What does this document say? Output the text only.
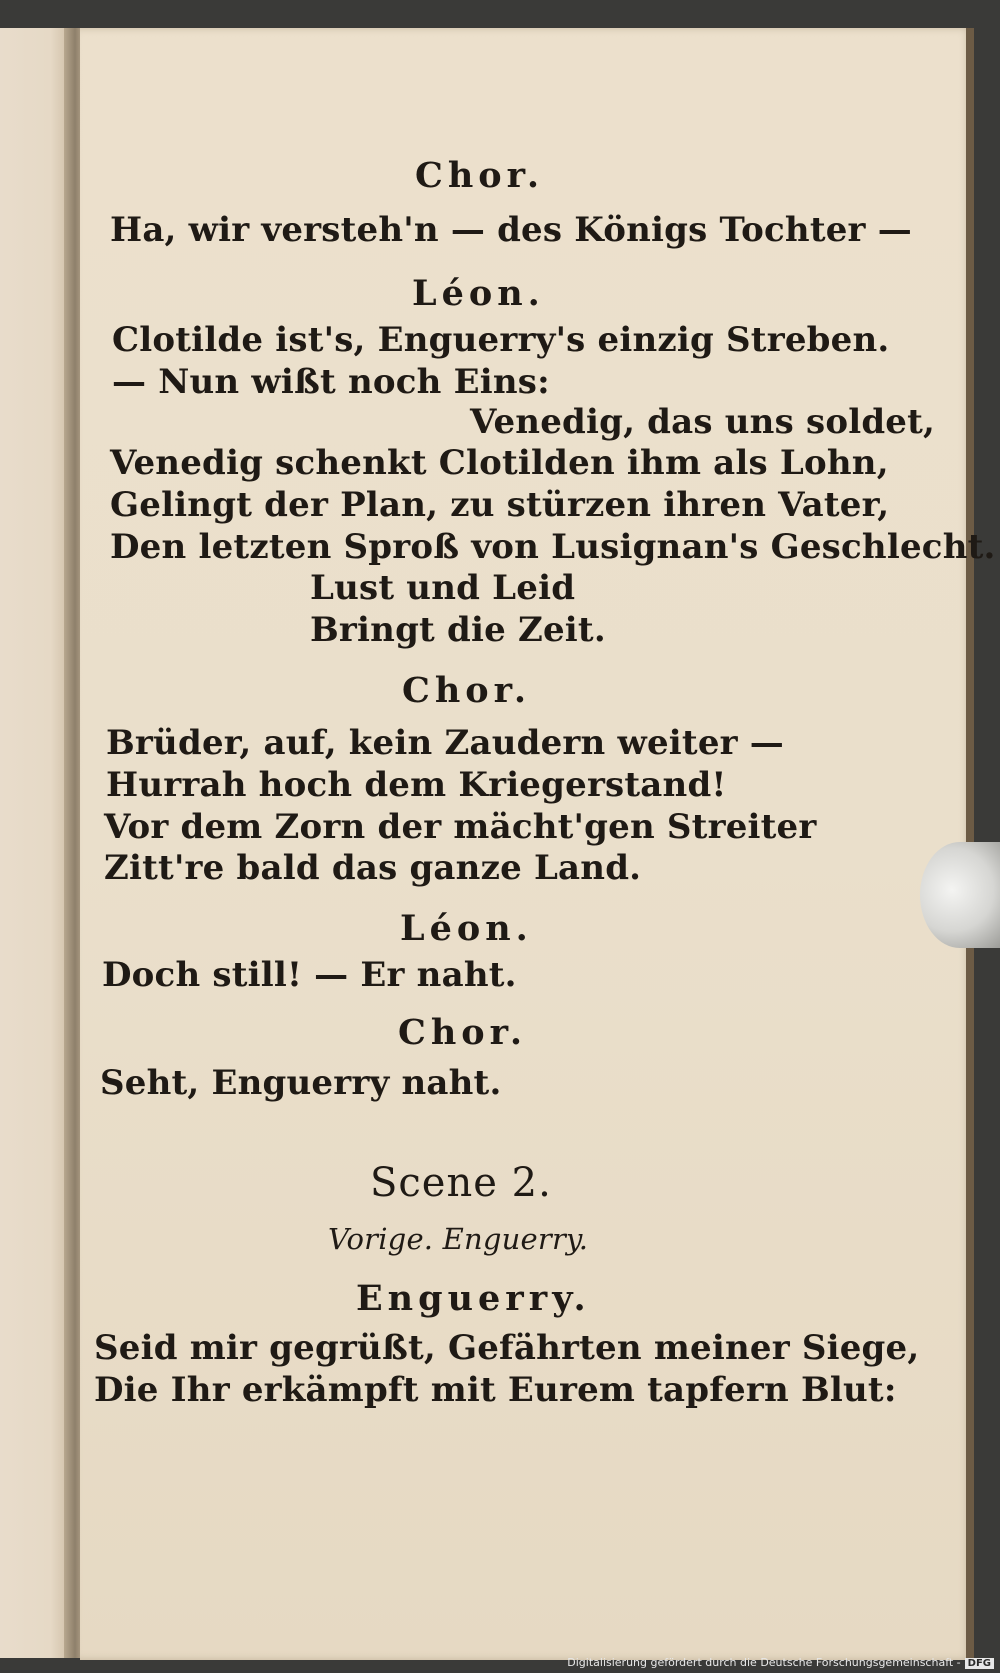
Chor.
Ha, wir versteh'n — des Königs Tochter —
Léon.
Clotilde ist's, Enguerry's einzig Streben.
— Nun wißt noch Eins:
Venedig, das uns soldet,
Venedig schenkt Clotilden ihm als Lohn,
Gelingt der Plan, zu stürzen ihren Vater,
Den letzten Sproß von Lusignan's Geschlecht.
Lust und Leid
Bringt die Zeit.
Chor.
Brüder, auf, kein Zaudern weiter —
Hurrah hoch dem Kriegerstand!
Vor dem Zorn der mächt'gen Streiter
Zitt're bald das ganze Land.
Léon.
Doch still! — Er naht.
Chor.
Seht, Enguerry naht.
Scene 2.
Vorige. Enguerry.
Enguerry.
Seid mir gegrüßt, Gefährten meiner Siege,
Die Ihr erkämpft mit Eurem tapfern Blut:
Digitalisierung gefördert durch die Deutsche Forschungsgemeinschaft - DFG
